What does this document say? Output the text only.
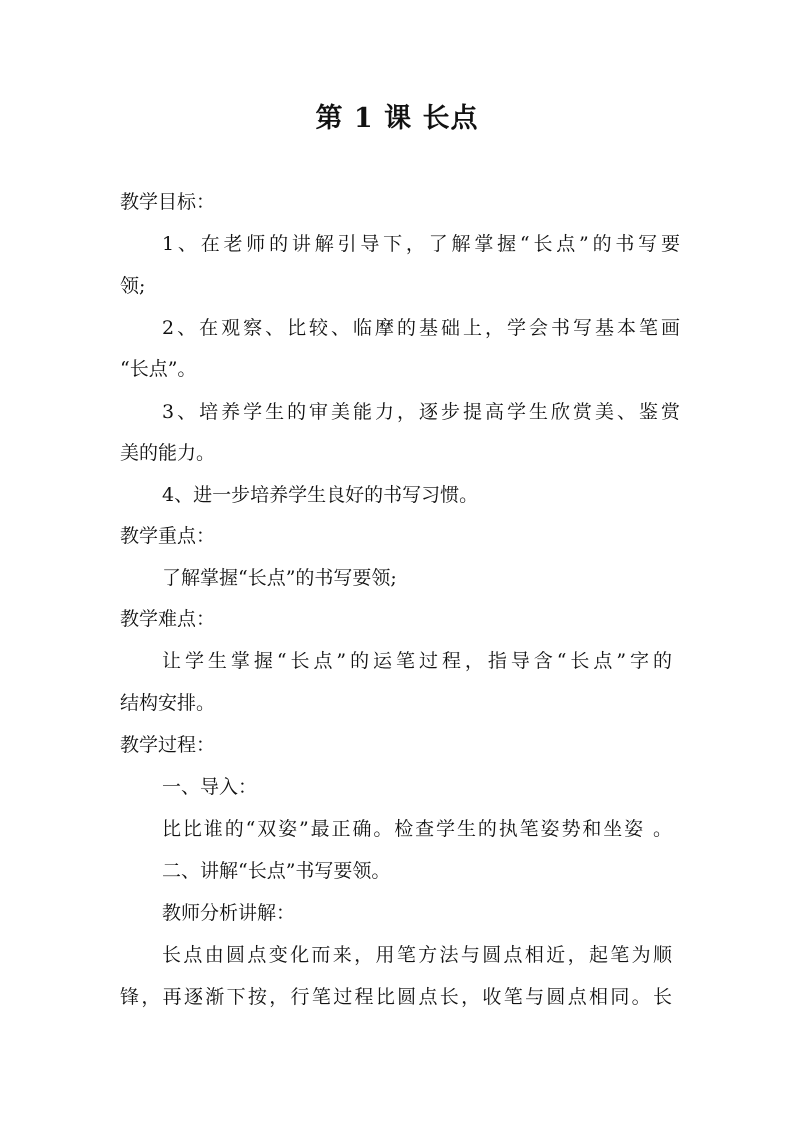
第 1 课 长点
教学目标：
1、在老师的讲解引导下，了解掌握“长点”的书写要
领;
2、在观察、比较、临摩的基础上，学会书写基本笔画
“长点”。
3、培养学生的审美能力，逐步提高学生欣赏美、鉴赏
美的能力。
4、进一步培养学生良好的书写习惯。
教学重点：
了解掌握“长点”的书写要领;
教学难点：
让学生掌握“长点”的运笔过程，指导含“长点”字的
结构安排。
教学过程：
一、导入：
比比谁的“双姿”最正确。检查学生的执笔姿势和坐姿 。
二、讲解“长点”书写要领。
教师分析讲解：
长点由圆点变化而来，用笔方法与圆点相近，起笔为顺
锋，再逐渐下按，行笔过程比圆点长，收笔与圆点相同。长
